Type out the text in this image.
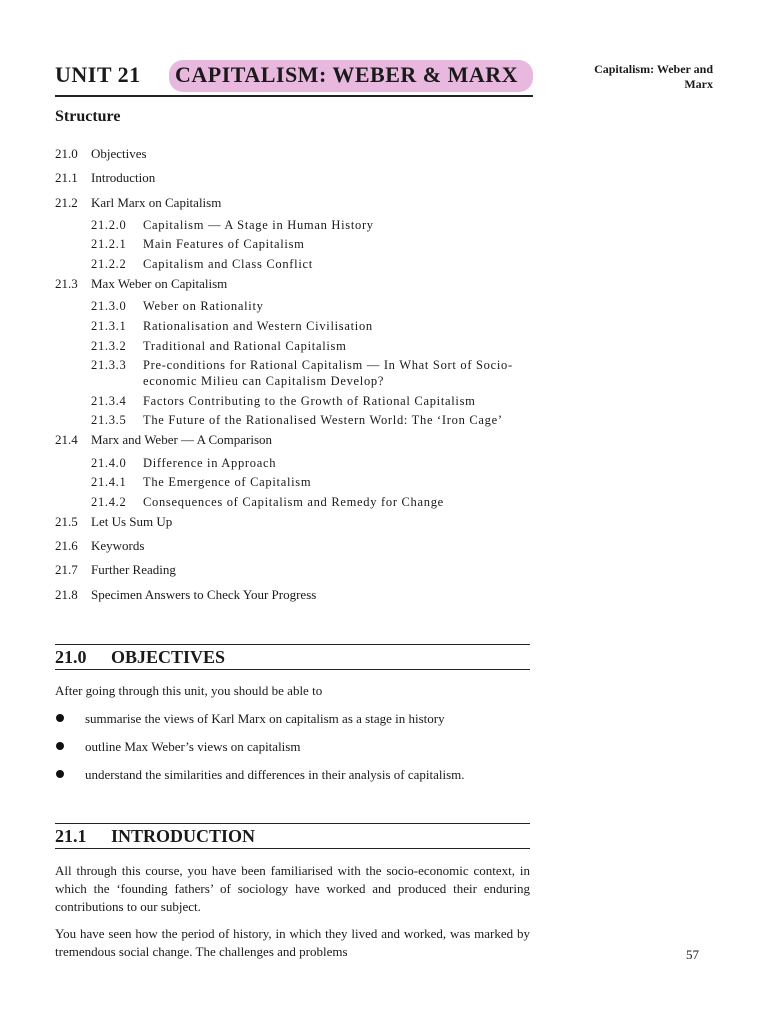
UNIT 21 CAPITALISM: WEBER & MARX	Capitalism: Weber and Marx
Structure
21.0 Objectives
21.1 Introduction
21.2 Karl Marx on Capitalism
21.2.0	Capitalism — A Stage in Human History
21.2.1	Main Features of Capitalism
21.2.2	Capitalism and Class Conflict
21.3 Max Weber on Capitalism
21.3.0	Weber on Rationality
21.3.1	Rationalisation and Western Civilisation
21.3.2	Traditional and Rational Capitalism
21.3.3	Pre-conditions for Rational Capitalism — In What Sort of Socio-economic Milieu can Capitalism Develop?
21.3.4	Factors Contributing to the Growth of Rational Capitalism
21.3.5	The Future of the Rationalised Western World: The ‘Iron Cage’
21.4 Marx and Weber — A Comparison
21.4.0	Difference in Approach
21.4.1	The Emergence of Capitalism
21.4.2	Consequences of Capitalism and Remedy for Change
21.5 Let Us Sum Up
21.6 Keywords
21.7 Further Reading
21.8 Specimen Answers to Check Your Progress
21.0 OBJECTIVES
After going through this unit, you should be able to
summarise the views of Karl Marx on capitalism as a stage in history
outline Max Weber’s views on capitalism
understand the similarities and differences in their analysis of capitalism.
21.1 INTRODUCTION
All through this course, you have been familiarised with the socio-economic context, in which the ‘founding fathers’ of sociology have worked and produced their enduring contributions to our subject.
You have seen how the period of history, in which they lived and worked, was marked by tremendous social change. The challenges and problems	57
